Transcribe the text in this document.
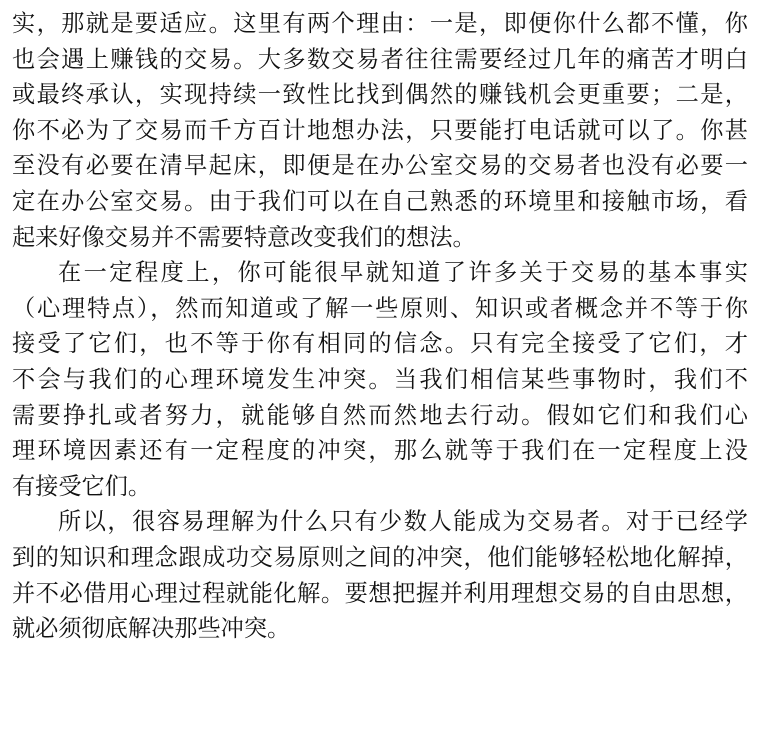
实，那就是要适应。这里有两个理由：一是，即便你什么都不懂，你
也会遇上赚钱的交易。大多数交易者往往需要经过几年的痛苦才明白
或最终承认，实现持续一致性比找到偶然的赚钱机会更重要；二是，
你不必为了交易而千方百计地想办法，只要能打电话就可以了。你甚
至没有必要在清早起床，即便是在办公室交易的交易者也没有必要一
定在办公室交易。由于我们可以在自己熟悉的环境里和接触市场，看
起来好像交易并不需要特意改变我们的想法。
在一定程度上，你可能很早就知道了许多关于交易的基本事实
（心理特点），然而知道或了解一些原则、知识或者概念并不等于你
接受了它们，也不等于你有相同的信念。只有完全接受了它们，才
不会与我们的心理环境发生冲突。当我们相信某些事物时，我们不
需要挣扎或者努力，就能够自然而然地去行动。假如它们和我们心
理环境因素还有一定程度的冲突，那么就等于我们在一定程度上没
有接受它们。
所以，很容易理解为什么只有少数人能成为交易者。对于已经学
到的知识和理念跟成功交易原则之间的冲突，他们能够轻松地化解掉，
并不必借用心理过程就能化解。要想把握并利用理想交易的自由思想，
就必须彻底解决那些冲突。
